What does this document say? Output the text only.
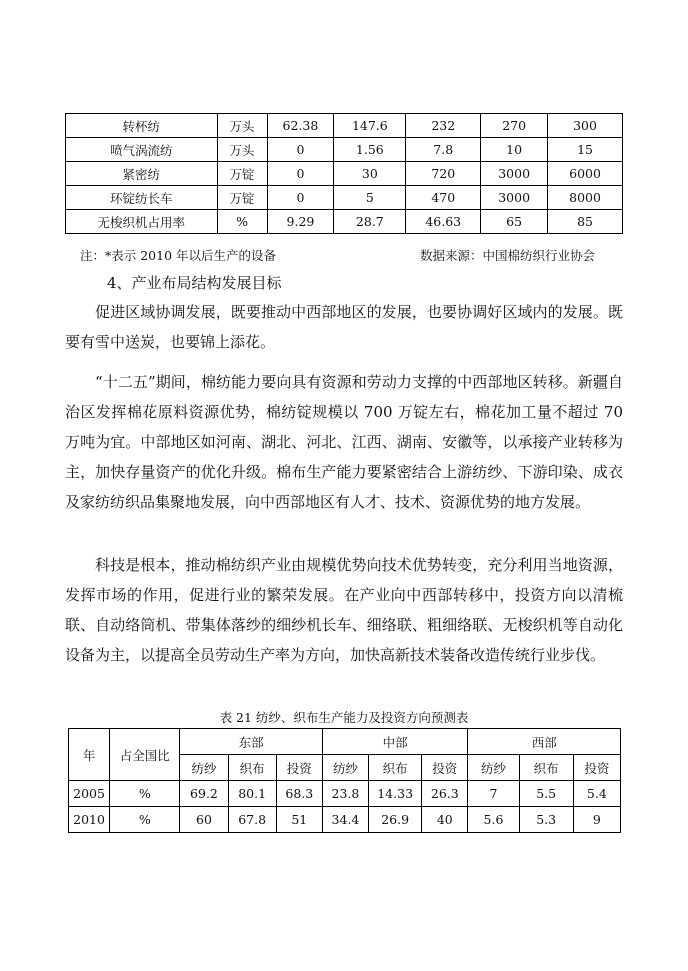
转杯纺	万头	62.38	147.6	232	270	300
喷气涡流纺	万头	0	1.56	7.8	10	15
紧密纺	万锭	0	30	720	3000	6000
环锭纺长车	万锭	0	5	470	3000	8000
无梭织机占用率	%	9.29	28.7	46.63	65	85
注：*表示 2010 年以后生产的设备	数据来源：中国棉纺织行业协会
4、产业布局结构发展目标

促进区域协调发展，既要推动中西部地区的发展，也要协调好区域内的发展。既要有雪中送炭，也要锦上添花。

“十二五”期间，棉纺能力要向具有资源和劳动力支撑的中西部地区转移。新疆自治区发挥棉花原料资源优势，棉纺锭规模以 700 万锭左右，棉花加工量不超过 70 万吨为宜。中部地区如河南、湖北、河北、江西、湖南、安徽等，以承接产业转移为主，加快存量资产的优化升级。棉布生产能力要紧密结合上游纺纱、下游印染、成衣及家纺纺织品集聚地发展，向中西部地区有人才、技术、资源优势的地方发展。

科技是根本，推动棉纺织产业由规模优势向技术优势转变，充分利用当地资源，发挥市场的作用，促进行业的繁荣发展。在产业向中西部转移中，投资方向以清梳联、自动络筒机、带集体落纱的细纱机长车、细络联、粗细络联、无梭织机等自动化设备为主，以提高全员劳动生产率为方向，加快高新技术装备改造传统行业步伐。

表 21 纺纱、织布生产能力及投资方向预测表
年	占全国比	东部			中部			西部		
		纺纱	织布	投资	纺纱	织布	投资	纺纱	织布	投资
2005	%	69.2	80.1	68.3	23.8	14.33	26.3	7	5.5	5.4
2010	%	60	67.8	51	34.4	26.9	40	5.6	5.3	9
